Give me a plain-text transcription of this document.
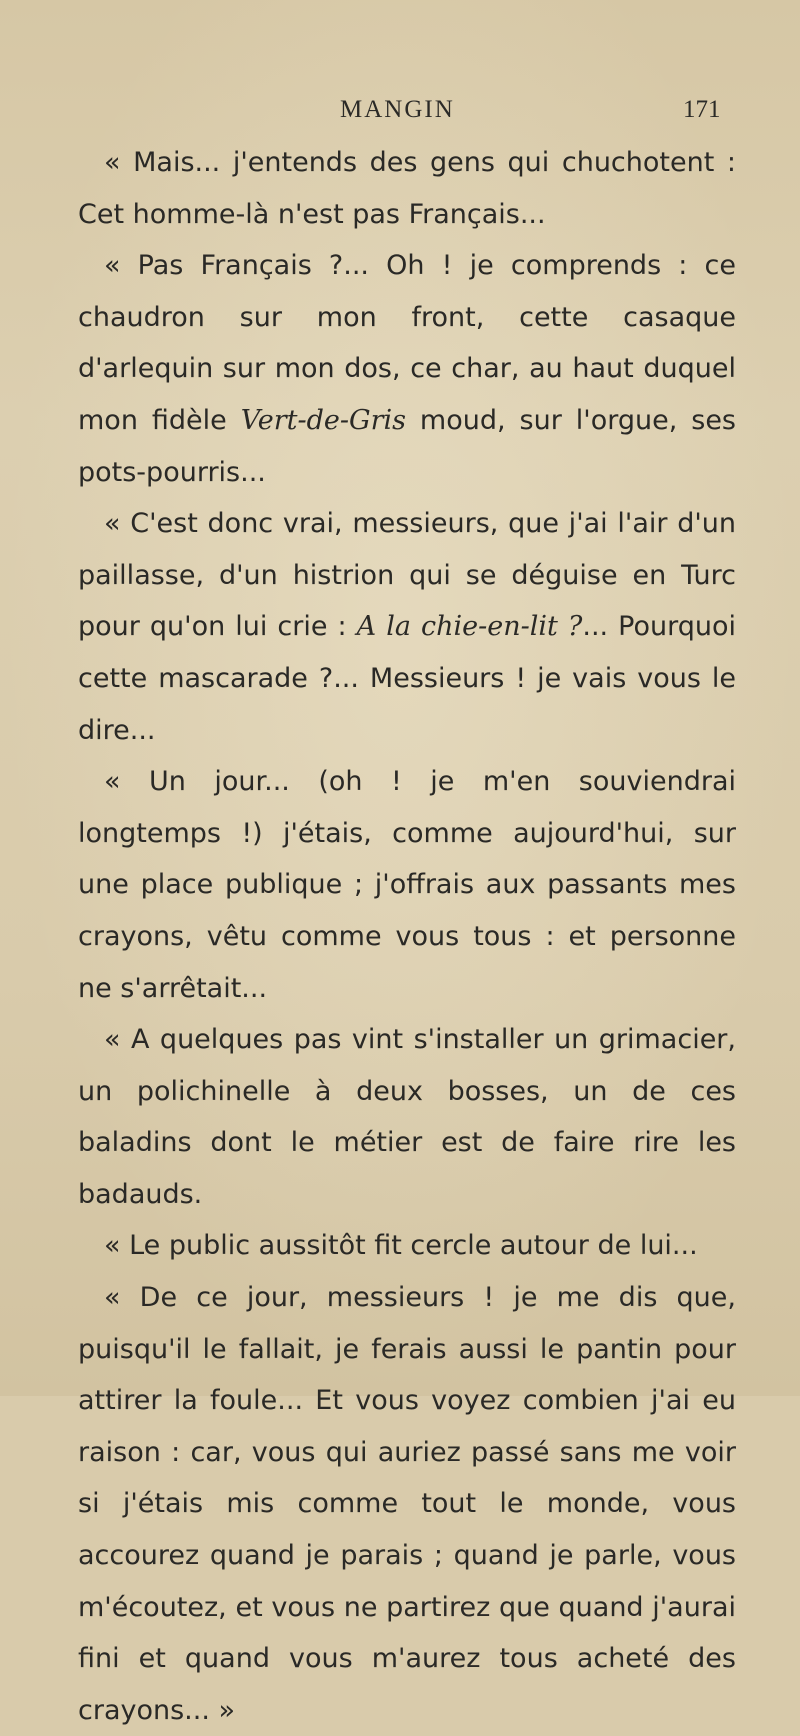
MANGIN	171

« Mais... j'entends des gens qui chuchotent : Cet homme-là n'est pas Français...

« Pas Français ?... Oh ! je comprends : ce chaudron sur mon front, cette casaque d'arlequin sur mon dos, ce char, au haut duquel mon fidèle Vert-de-Gris moud, sur l'orgue, ses pots-pourris...

« C'est donc vrai, messieurs, que j'ai l'air d'un paillasse, d'un histrion qui se déguise en Turc pour qu'on lui crie : A la chie-en-lit ?... Pourquoi cette mascarade ?... Messieurs ! je vais vous le dire...

« Un jour... (oh ! je m'en souviendrai longtemps !) j'étais, comme aujourd'hui, sur une place publique ; j'offrais aux passants mes crayons, vêtu comme vous tous : et personne ne s'arrêtait...

« A quelques pas vint s'installer un grimacier, un polichinelle à deux bosses, un de ces baladins dont le métier est de faire rire les badauds.

« Le public aussitôt fit cercle autour de lui...

« De ce jour, messieurs ! je me dis que, puisqu'il le fallait, je ferais aussi le pantin pour attirer la foule... Et vous voyez combien j'ai eu raison : car, vous qui auriez passé sans me voir si j'étais mis comme tout le monde, vous accourez quand je parais ; quand je parle, vous m'écoutez, et vous ne partirez que quand j'aurai fini et quand vous m'aurez tous acheté des crayons... »
